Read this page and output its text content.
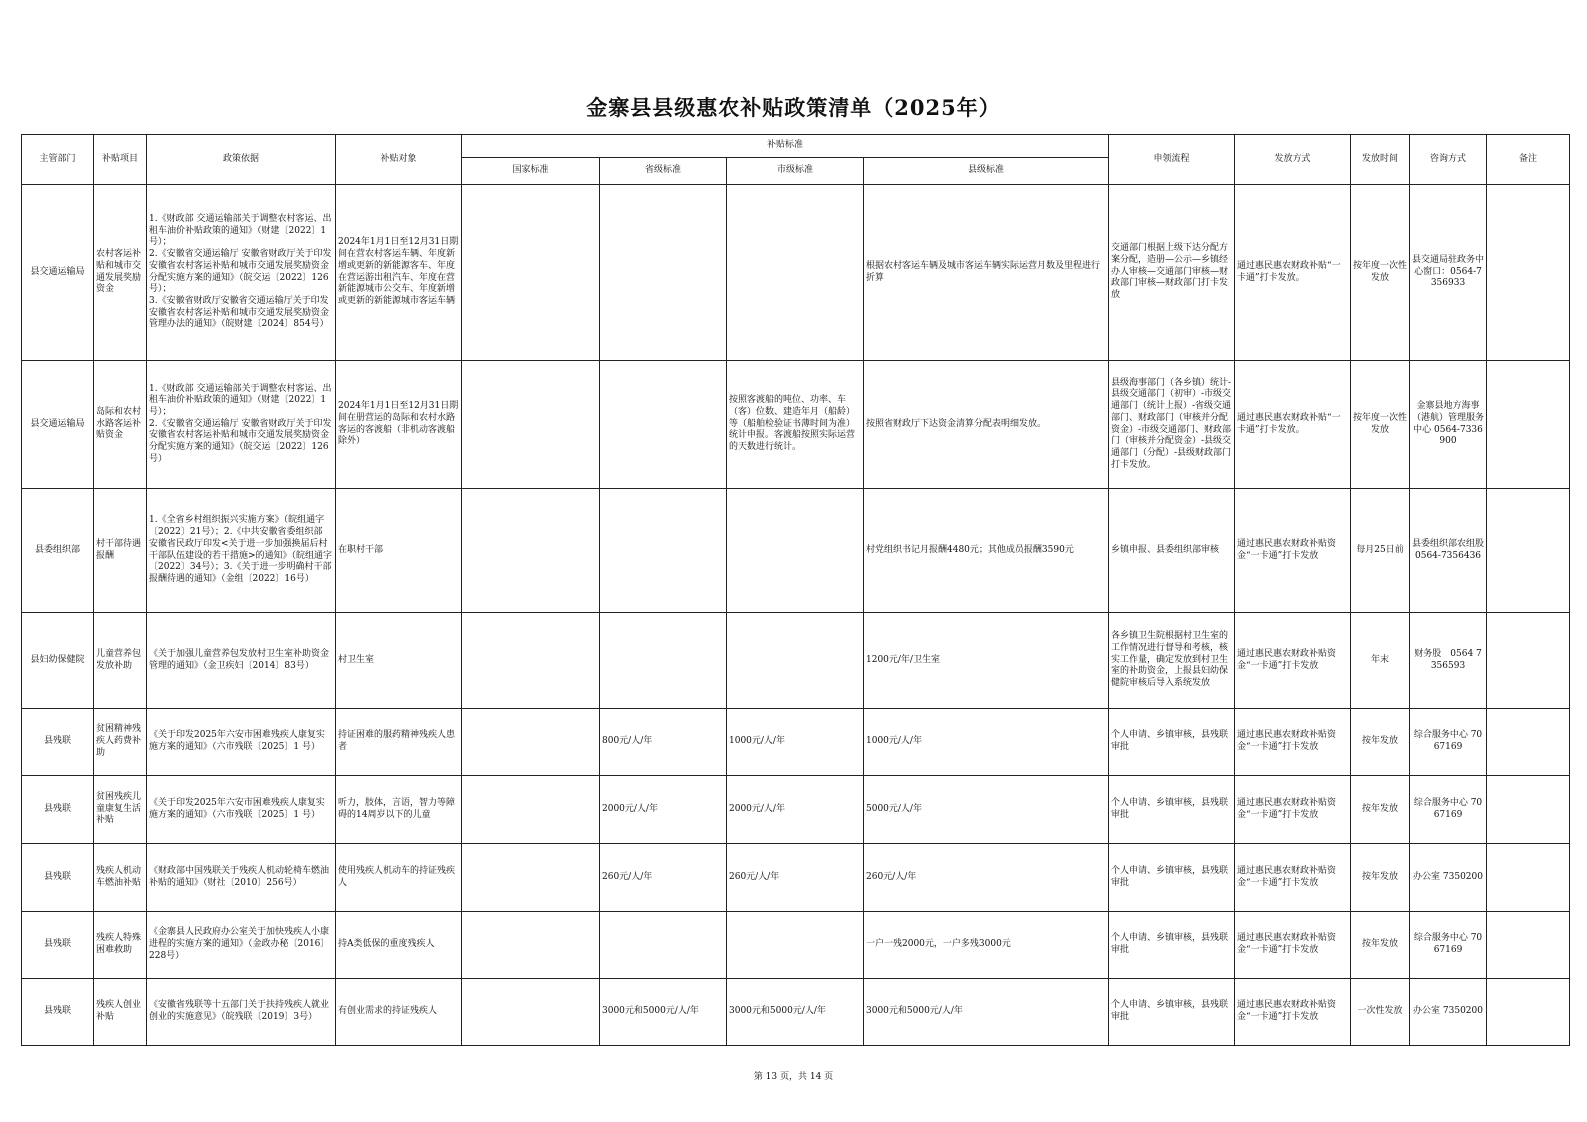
金寨县县级惠农补贴政策清单（2025年）
主管部门	补贴项目	政策依据	补贴对象	补贴标准				申领流程	发放方式	发放时间	咨询方式	备注
				国家标准	省级标准	市级标准	县级标准					
县交通运输局	农村客运补贴和城市交通发展奖励资金	1.《财政部 交通运输部关于调整农村客运、出租车油价补贴政策的通知》（财建〔2022〕1 号）；
2.《安徽省交通运输厅 安徽省财政厅关于印发安徽省农村客运补贴和城市交通发展奖励资金分配实施方案的通知》（皖交运〔2022〕126 号）；
3.《安徽省财政厅安徽省交通运输厅关于印发安徽省农村客运补贴和城市交通发展奖励资金管理办法的通知》（皖财建〔2024〕854号）	2024年1月1日至12月31日期间在营农村客运车辆、年度新增或更新的新能源客车、年度在营运游出租汽车、年度在营新能源城市公交车、年度新增或更新的新能源城市客运车辆				根据农村客运车辆及城市客运车辆实际运营月数及里程进行折算	交通部门根据上级下达分配方案分配，造册—公示—乡镇经办人审核—交通部门审核—财政部门审核—财政部门打卡发放	通过惠民惠农财政补贴“一卡通”打卡发放。	按年度一次性发放	县交通局驻政务中心窗口：0564-7356933	
县交通运输局	岛际和农村水路客运补贴资金	1.《财政部 交通运输部关于调整农村客运、出租车油价补贴政策的通知》（财建〔2022〕1号）；
2.《安徽省交通运输厅 安徽省财政厅关于印发安徽省农村客运补贴和城市交通发展奖励资金分配实施方案的通知》（皖交运〔2022〕126号）	2024年1月1日至12月31日期间在册营运的岛际和农村水路客运的客渡船（非机动客渡船除外）			按照客渡船的吨位、功率、车（客）位数、建造年月（船龄）等（船舶检验证书薄时间为准）统计申报。客渡船按照实际运营的天数进行统计。	按照省财政厅下达资金清算分配表明细发放。	县级海事部门（各乡镇）统计-县级交通部门（初审）-市级交通部门（统计上报）-省级交通部门、财政部门（审核并分配资金）-市级交通部门、财政部门（审核并分配资金）-县级交通部门（分配）-县级财政部门打卡发放。	通过惠民惠农财政补贴“一卡通”打卡发放。	按年度一次性发放	金寨县地方海事（港航）管理服务中心 0564-7336900	
县委组织部	村干部待遇报酬	1.《全省乡村组织振兴实施方案》（皖组通字〔2022〕21号）；2.《中共安徽省委组织部 安徽省民政厅印发<关于进一步加强换届后村干部队伍建设的若干措施>的通知》（皖组通字〔2022〕34号）；3.《关于进一步明确村干部报酬待遇的通知》（金组〔2022〕16号）	在职村干部				村党组织书记月报酬4480元；其他成员报酬3590元	乡镇申报、县委组织部审核	通过惠民惠农财政补贴资金“一卡通”打卡发放	每月25日前	县委组织部农组股 0564-7356436	
县妇幼保健院	儿童营养包发放补助	《关于加强儿童营养包发放村卫生室补助资金管理的通知》（金卫疾妇〔2014〕83号）	村卫生室				1200元/年/卫生室	各乡镇卫生院根据村卫生室的工作情况进行督导和考核，核实工作量，确定发放到村卫生室的补助资金，上报县妇幼保健院审核后导入系统发放	通过惠民惠农财政补贴资金“一卡通”打卡发放	年末	财务股　0564 7356593	
县残联	贫困精神残疾人药费补助	《关于印发2025年六安市困难残疾人康复实施方案的通知》（六市残联〔2025〕1 号）	持证困难的服药精神残疾人患者		800元/人/年	1000元/人/年	1000元/人/年	个人申请、乡镇审核，县残联审批	通过惠民惠农财政补贴资金“一卡通”打卡发放	按年发放	综合服务中心 7067169	
县残联	贫困残疾儿童康复生活补贴	《关于印发2025年六安市困难残疾人康复实施方案的通知》（六市残联〔2025〕1 号）	听力，肢体，言语，智力等障碍的14周岁以下的儿童		2000元/人/年	2000元/人/年	5000元/人/年	个人申请、乡镇审核，县残联审批	通过惠民惠农财政补贴资金“一卡通”打卡发放	按年发放	综合服务中心 7067169	
县残联	残疾人机动车燃油补贴	《财政部中国残联关于残疾人机动轮椅车燃油补贴的通知》（财社〔2010〕256号）	使用残疾人机动车的持证残疾人		260元/人/年	260元/人/年	260元/人/年	个人申请、乡镇审核，县残联审批	通过惠民惠农财政补贴资金“一卡通”打卡发放	按年发放	办公室 7350200	
县残联	残疾人特殊困难救助	《金寨县人民政府办公室关于加快残疾人小康进程的实施方案的通知》（金政办秘〔2016〕228号）	持A类低保的重度残疾人				一户一残2000元，一户多残3000元	个人申请、乡镇审核，县残联审批	通过惠民惠农财政补贴资金“一卡通”打卡发放	按年发放	综合服务中心 7067169	
县残联	残疾人创业补贴	《安徽省残联等十五部门关于扶持残疾人就业创业的实施意见》（皖残联〔2019〕3号）	有创业需求的持证残疾人		3000元和5000元/人/年	3000元和5000元/人/年	3000元和5000元/人/年	个人申请、乡镇审核，县残联审批	通过惠民惠农财政补贴资金“一卡通”打卡发放	一次性发放	办公室 7350200	
第 13 页，共 14 页
